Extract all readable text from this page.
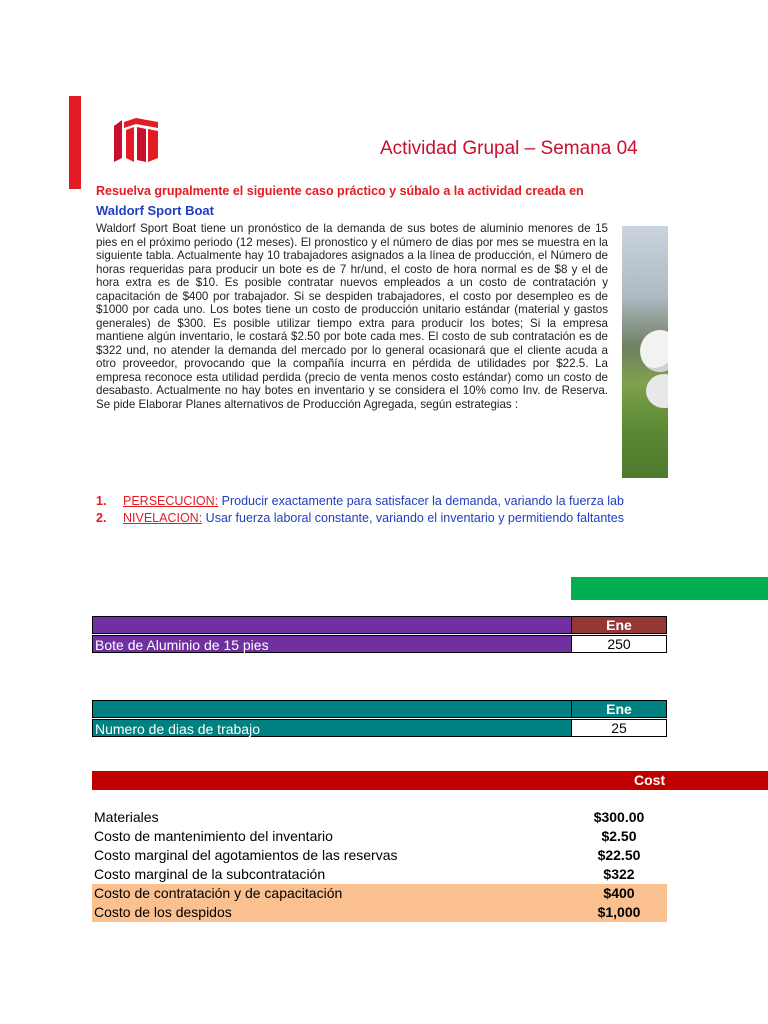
Actividad Grupal – Semana 04
Resuelva grupalmente el siguiente caso práctico y súbalo a la actividad creada en
Waldorf Sport Boat
Waldorf Sport Boat tiene un pronóstico de la demanda de sus botes de aluminio menores de 15 pies en el próximo periodo (12 meses). El pronostico y el número de dias por mes se muestra en la siguiente tabla. Actualmente hay 10 trabajadores asignados a la línea de producción, el Número de horas requeridas para producir un bote es de 7 hr/und, el costo de hora normal es de $8 y el de hora extra es de $10. Es posible contratar nuevos empleados a un costo de contratación y capacitación de $400 por trabajador. Si se despiden trabajadores, el costo por desempleo es de $1000 por cada uno. Los botes tiene un costo de producción unitario estándar (material y gastos generales) de $300. Es posible utilizar tiempo extra para producir los botes; Si la empresa mantiene algún inventario, le costará $2.50 por bote cada mes. El costo de sub contratación es de $322 und, no atender la demanda del mercado por lo general ocasionará que el cliente acuda a otro proveedor, provocando que la compañía incurra en pérdida de utilidades por $22.5. La empresa reconoce esta utilidad perdida (precio de venta menos costo estándar) como un costo de desabasto. Actualmente no hay botes en inventario y se considera el 10% como Inv. de Reserva. Se pide Elaborar Planes alternativos de Producción Agregada, según estrategias :
1. PERSECUCION: Producir exactamente para satisfacer la demanda, variando la fuerza lab
2. NIVELACION: Usar fuerza laboral constante, variando el inventario y permitiendo faltantes
Ene
Bote de Aluminio de 15 pies	250
Ene
Numero de dias de trabajo	25
Cost
Materiales	$300.00
Costo de mantenimiento del inventario	$2.50
Costo marginal del agotamientos de las reservas	$22.50
Costo marginal de la subcontratación	$322
Costo de contratación y de capacitación	$400
Costo de los despidos	$1,000
